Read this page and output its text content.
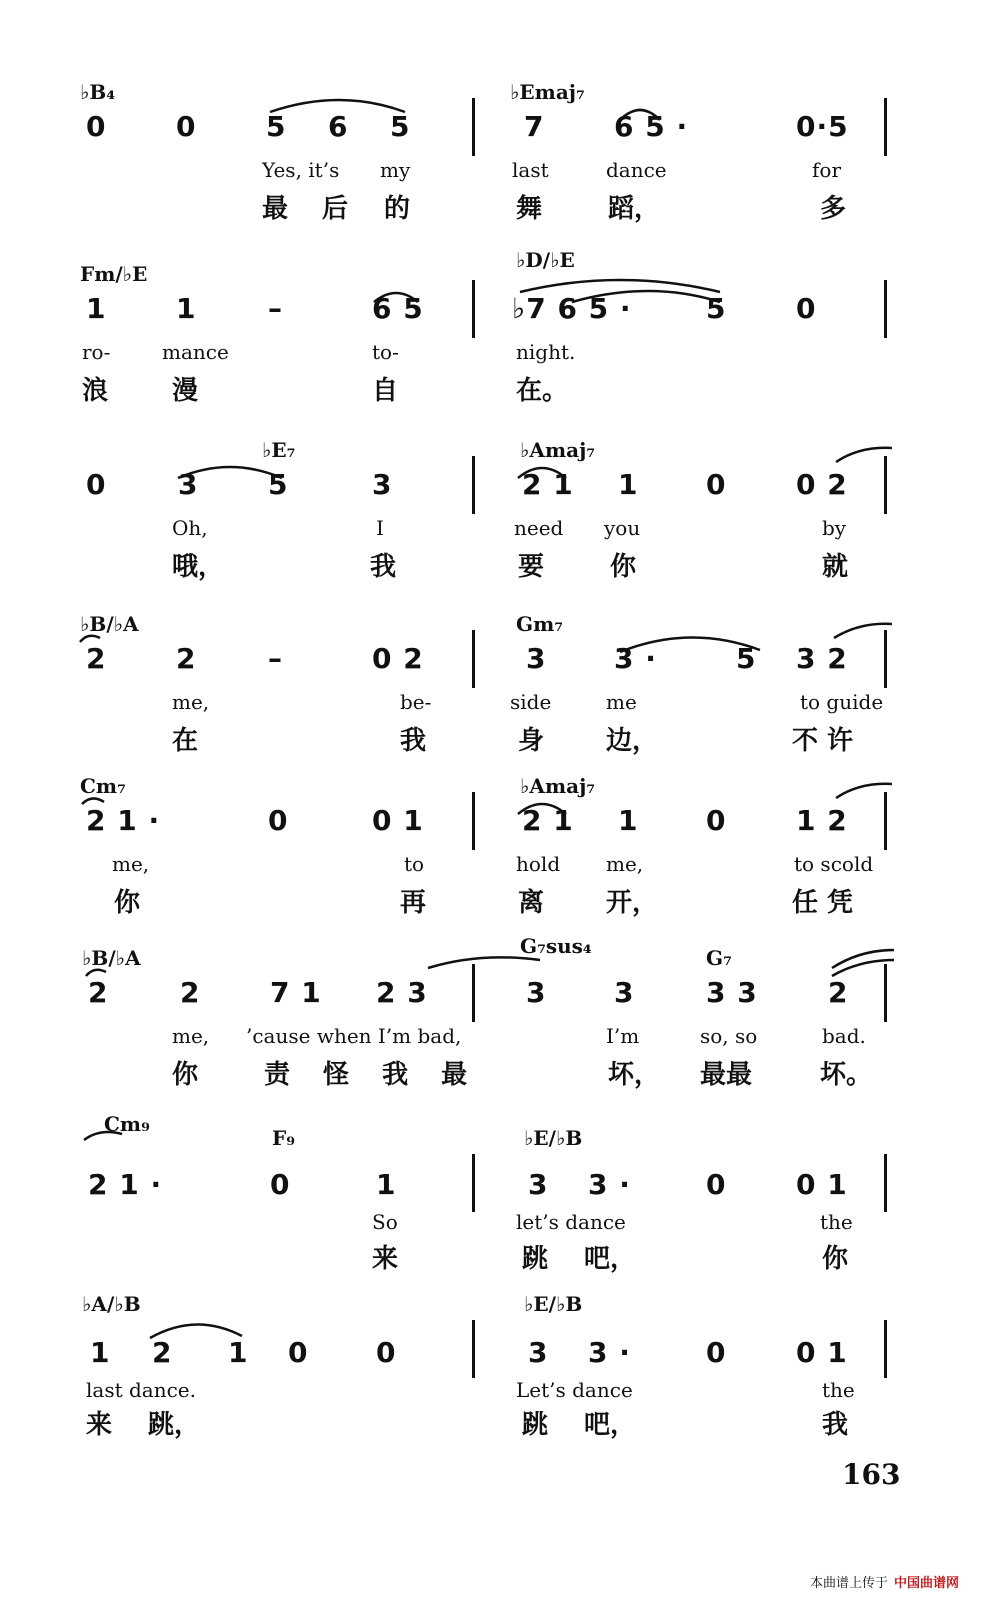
♭B₄	♭Emaj₇
0 0 5 6 5	7 6 5 ·	0·5
Yes, it’s my	last	dance	for
最 后 的	舞	蹈，	多
Fm/♭E
♭D/♭E
1 1	–	6 5	♭7 6 5 ·	5 0
ro-	mance	to-	night.
浪 漫	自	在。
♭E₇	♭Amaj₇
0	3 5	3	2 1 1 0 0 2
Oh,	I	need you	by
哦，	我	要	你	就
♭B/♭A	Gm₇
2 2	–	0 2	3 3 ·	5 3 2
me,	be-	side	me	to guide
在	我	身 边，	不 许
Cm₇	♭Amaj₇
2 1 ·	0	0 1	2 1 1 0 1 2
me,	to	hold me,	to scold
你	再	离 开，	任 凭
♭B/♭A	G₇sus₄	G₇
2	2 7 1 2 3	3 3	3 3	2
me, ’cause when I’m bad,	I’m	so, so	bad.
你	责 怪 我 最	坏， 最最	坏。
Cm₉
F₉	♭E/♭B
2 1 ·	0	1	3 3 ·	0 0 1
So	let’s dance	the
来	跳 吧，	你
♭A/♭B	♭E/♭B
1 2 1 0 0	3 3 ·	0 0 1
last dance.	Let’s dance	the
来 跳，	跳 吧，	我
163
本曲谱上传于 中国曲谱网
